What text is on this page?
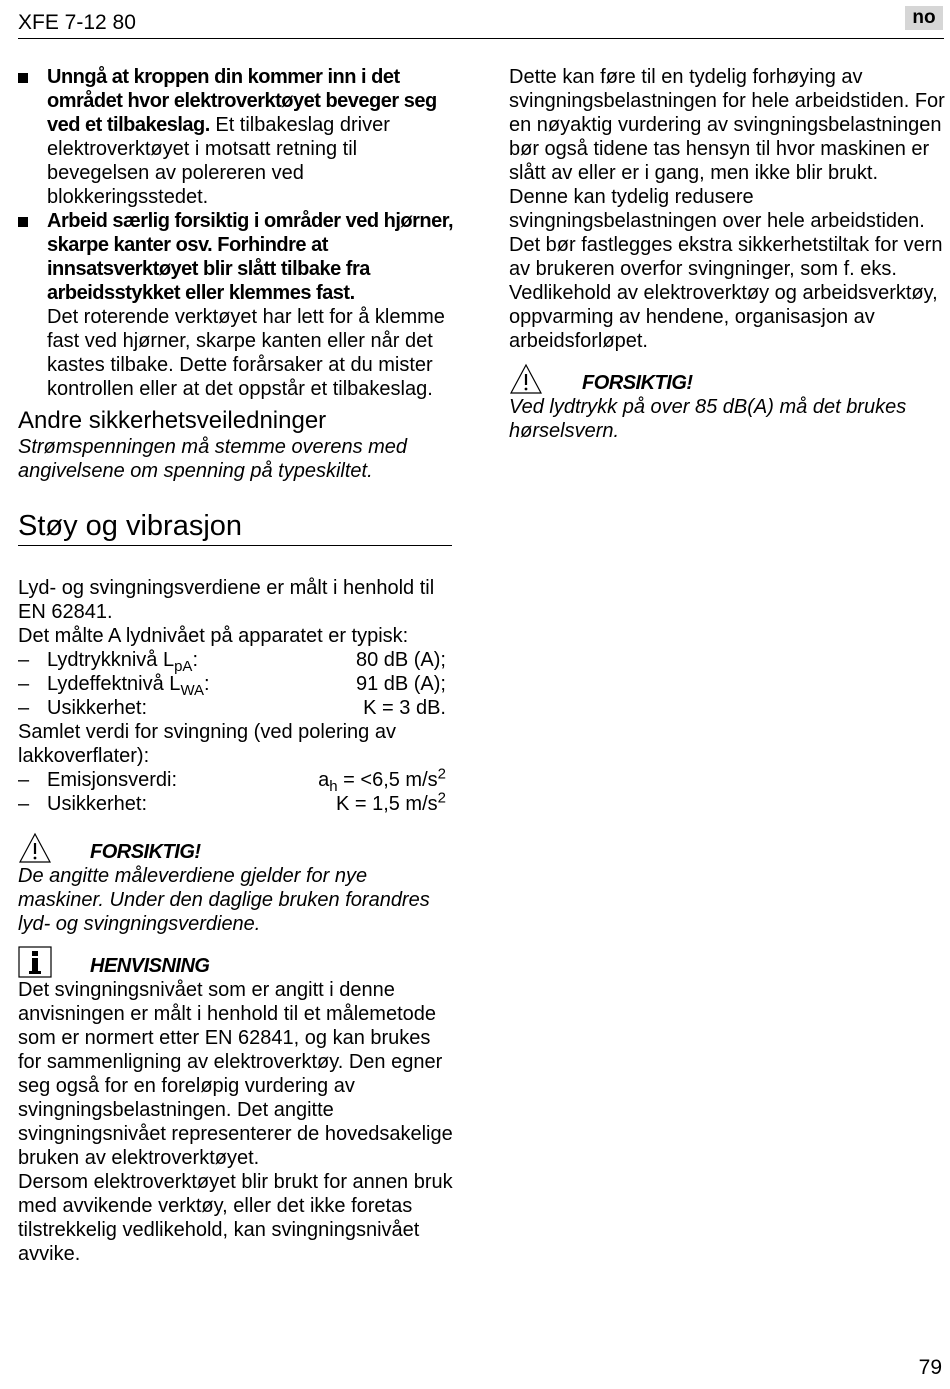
XFE 7-12 80	no
Unngå at kroppen din kommer inn i det området hvor elektroverktøyet beveger seg ved et tilbakeslag. Et tilbakeslag driver elektroverktøyet i motsatt retning til bevegelsen av polereren ved blokkeringsstedet.
Arbeid særlig forsiktig i områder ved hjørner, skarpe kanter osv. Forhindre at innsatsverktøyet blir slått tilbake fra arbeidsstykket eller klemmes fast.
Det roterende verktøyet har lett for å klemme fast ved hjørner, skarpe kanten eller når det kastes tilbake. Dette forårsaker at du mister kontrollen eller at det oppstår et tilbakeslag.
Andre sikkerhetsveiledninger
Strømspenningen må stemme overens med angivelsene om spenning på typeskiltet.
Støy og vibrasjon
Lyd- og svingningsverdiene er målt i henhold til EN 62841.
Det målte A lydnivået på apparatet er typisk:
– Lydtrykknivå $L_{pA}$:	80 dB (A);
– Lydeffektnivå $L_{WA}$:	91 dB (A);
– Usikkerhet:	K = 3 dB.
Samlet verdi for svingning (ved polering av lakkoverflater):
– Emisjonsverdi:	$a_h = <6,5$ $m/s^2$
– Usikkerhet:	K = 1,5 $m/s^2$
FORSIKTIG!
De angitte måleverdiene gjelder for nye maskiner. Under den daglige bruken forandres lyd- og svingningsverdiene.
HENVISNING
Det svingningsnivået som er angitt i denne anvisningen er målt i henhold til et målemetode som er normert etter EN 62841, og kan brukes for sammenligning av elektroverktøy. Den egner seg også for en foreløpig vurdering av svingningsbelastningen. Det angitte svingningsnivået representerer de hovedsakelige bruken av elektroverktøyet.
Dersom elektroverktøyet blir brukt for annen bruk med avvikende verktøy, eller det ikke foretas tilstrekkelig vedlikehold, kan svingningsnivået avvike.
Dette kan føre til en tydelig forhøying av svingningsbelastningen for hele arbeidstiden. For en nøyaktig vurdering av svingningsbelastningen bør også tidene tas hensyn til hvor maskinen er slått av eller er i gang, men ikke blir brukt.
Denne kan tydelig redusere svingningsbelastningen over hele arbeidstiden. Det bør fastlegges ekstra sikkerhetstiltak for vern av brukeren overfor svingninger, som f. eks. Vedlikehold av elektroverktøy og arbeidsverktøy, oppvarming av hendene, organisasjon av arbeidsforløpet.
FORSIKTIG!
Ved lydtrykk på over 85 dB(A) må det brukes hørselsvern.
79
